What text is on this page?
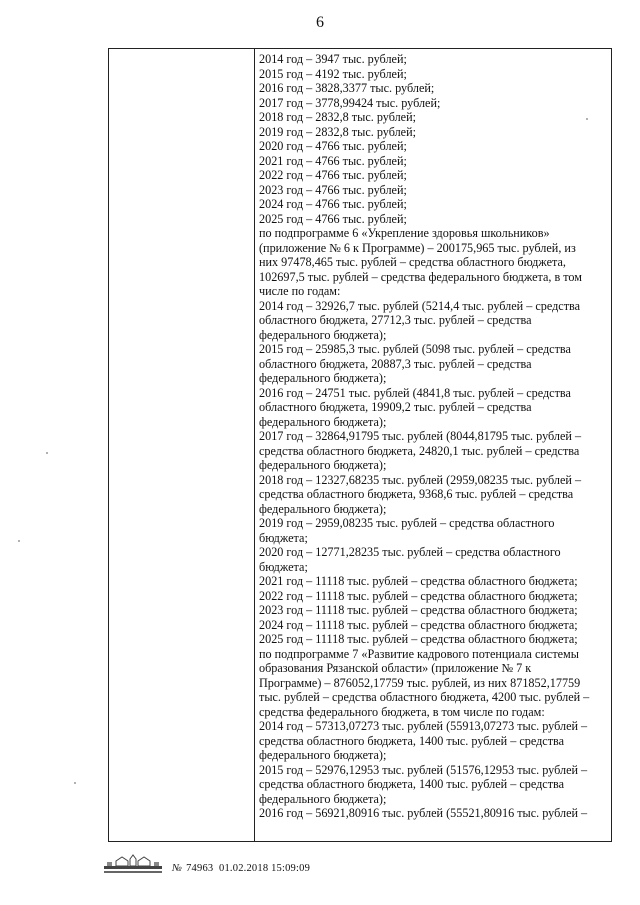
6
2014 год – 3947 тыс. рублей;
2015 год – 4192 тыс. рублей;
2016 год – 3828,3377 тыс. рублей;
2017 год – 3778,99424 тыс. рублей;
2018 год – 2832,8 тыс. рублей;
2019 год – 2832,8 тыс. рублей;
2020 год – 4766 тыс. рублей;
2021 год – 4766 тыс. рублей;
2022 год – 4766 тыс. рублей;
2023 год – 4766 тыс. рублей;
2024 год – 4766 тыс. рублей;
2025 год – 4766 тыс. рублей;
по подпрограмме 6 «Укрепление здоровья школьников»
(приложение № 6 к Программе) – 200175,965 тыс. рублей, из
них 97478,465 тыс. рублей – средства областного бюджета,
102697,5 тыс. рублей – средства федерального бюджета, в том
числе по годам:
2014 год – 32926,7 тыс. рублей (5214,4 тыс. рублей – средства
областного бюджета, 27712,3 тыс. рублей – средства
федерального бюджета);
2015 год – 25985,3 тыс. рублей (5098 тыс. рублей – средства
областного бюджета, 20887,3 тыс. рублей – средства
федерального бюджета);
2016 год – 24751 тыс. рублей (4841,8 тыс. рублей – средства
областного бюджета, 19909,2 тыс. рублей – средства
федерального бюджета);
2017 год – 32864,91795 тыс. рублей (8044,81795 тыс. рублей –
средства областного бюджета, 24820,1 тыс. рублей – средства
федерального бюджета);
2018 год – 12327,68235 тыс. рублей (2959,08235 тыс. рублей –
средства областного бюджета, 9368,6 тыс. рублей – средства
федерального бюджета);
2019 год – 2959,08235 тыс. рублей – средства областного
бюджета;
2020 год – 12771,28235 тыс. рублей – средства областного
бюджета;
2021 год – 11118 тыс. рублей – средства областного бюджета;
2022 год – 11118 тыс. рублей – средства областного бюджета;
2023 год – 11118 тыс. рублей – средства областного бюджета;
2024 год – 11118 тыс. рублей – средства областного бюджета;
2025 год – 11118 тыс. рублей – средства областного бюджета;
по подпрограмме 7 «Развитие кадрового потенциала системы
образования Рязанской области» (приложение № 7 к
Программе) – 876052,17759 тыс. рублей, из них 871852,17759
тыс. рублей – средства областного бюджета, 4200 тыс. рублей –
средства федерального бюджета, в том числе по годам:
2014 год – 57313,07273 тыс. рублей (55913,07273 тыс. рублей –
средства областного бюджета, 1400 тыс. рублей – средства
федерального бюджета);
2015 год – 52976,12953 тыс. рублей (51576,12953 тыс. рублей –
средства областного бюджета, 1400 тыс. рублей – средства
федерального бюджета);
2016 год – 56921,80916 тыс. рублей (55521,80916 тыс. рублей –
№ 74963 01.02.2018 15:09:09
